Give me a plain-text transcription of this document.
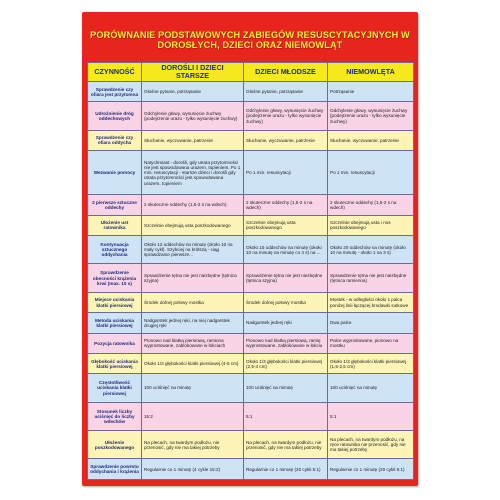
PORÓWNANIE PODSTAWOWYCH ZABIEGÓW RESUSCYTACYJNYCH W DOROSŁYCH, DZIECI ORAZ NIEMOWLĄT
CZYNNOŚĆ	DOROŚLI I DZIECI STARSZE	DZIECI MŁODSZE	NIEMOWLĘTA
Sprawdzenie czy ofiara jest przytomna	Głośne pytanie, potrząsanie	Głośne pytanie, potrząsanie	Potrząsanie
Udrożnienie dróg oddechowych	Odchylenie głowy, wysunięcie żuchwy (podejrzenie urazu - tylko wysunięcie żuchwy)	Odchylenie głowy, wysunięcie żuchwy (podejrzenie urazu - tylko wysunięcie żuchwy)	Odchylenie głowy, wysunięcie żuchwy (podejrzenie urazu - tylko wysunięcie żuchwy)
Sprawdzenie czy ofiara oddycha	Słuchanie, wyczuwanie, patrzenie	Słuchanie, wyczuwanie, patrzenie	Słuchanie, wyczuwanie, patrzenie
Wezwanie pomocy	Natychmiast - dorośli, gdy utrata przytomności nie jest spowodowana urazem, topieniem. Po 1 min. resuscytacji - starsze dzieci i dorośli gdy utrata przytomności jest spowodowana urazem, topieniem	Po 1 min. resuscytacji	Po 1 min. resuscytacji
2 pierwsze sztuczne oddechy	2 skuteczne oddechy (1,5-2 s na wdech)	2 skuteczne oddechy (1,5-2 s na wdech)	2 skuteczne oddechy (1,5-2 s na wdech)
Ułożenie ust ratownika	Szczelnie obejmują usta poszkodowanego	Szczelnie obejmują usta poszkodowanego	Szczelnie obejmują usta i nos poszkodowanego
Kontynuacja sztucznego oddychania	Około 12 oddechów na minutę (około 10 na mały cykl). Szybciej na krótszą - ciąg sprawdzanie pierwsze...	Około 15 oddechów na minutę (około 10 na minutę na minutę co 4 s) na ...	Około 20 oddechów na minutę (około 10 na minutę - około 1 na 3 s)
Sprawdzenie obecności krążenia krwi (max. 10 s)	Sprawdzenie tętna nie jest niezbędne (tętnica szyjna)	Sprawdzenie tętna nie jest niezbędne (tętnica szyjna)	Sprawdzenie tętna nie jest niezbędne (tętnica ramienna)
Miejsce uciskania klatki piersiowej	Środek dolnej połowy mostka	Środek dolnej połowy mostka	Mostek - w odległości około 1 palca poniżej linii łączącej brodawki sutkowe
Metoda uciskania klatki piersiowej	Nadgarstek jednej ręki, na niej nadgarstek drugiej ręki	Nadgarstek jednej ręki	Dwa palce
Pozycja ratownika	Pionowo nad klatką piersiową, ramiona wyprostowane, zablokowane w łokciach	Pionowo nad klatką piersiową, ramię wyprostowane, zablokowane w łokciu	Palce wyprostowane, pionowo na mostku
Głębokość uciskania klatki piersiowej	Około 1/3 głębokości klatki piersiowej (4-5 cm)	Około 1/3 głębokości klatki piersiowej (2,5-4 cm)	Około 1/3 głębokości klatki piersiowej (1,5-2,5 cm)
Częstotliwość uciskania klatki piersiowej	100 uciśnięć na minutę	100 uciśnięć na minutę	100 uciśnięć na minutę
Stosunek liczby uciśnięć do liczby wdechów	15:2	5:1	5:1
Ułożenie poszkodowanego	Na plecach, na twardym podłożu, nie przenosić, gdy nie ma takiej potrzeby	Na plecach, na twardym podłożu, nie przenosić, gdy nie ma takiej potrzeby	Na plecach, na twardym podłożu, na ręce ratownika nie przenosić, gdy nie ma takiej potrzeby
Sprawdzenie powrotu oddychania i krążenia	Regularnie co 1 minutę (4 cykle 15:2)	Regularnie co 1 minutę (20 cykli 5:1)	Regularnie co 1 minutę (20 cykli 5:1)
